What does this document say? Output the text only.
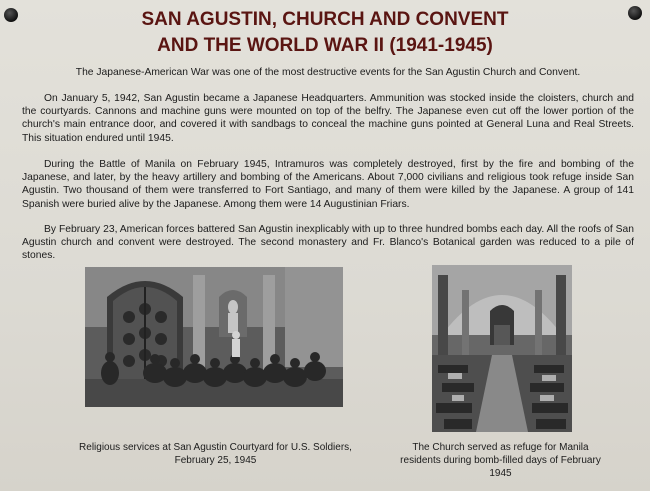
SAN AGUSTIN, CHURCH AND CONVENT
AND THE WORLD WAR II (1941-1945)

The Japanese-American War was one of the most destructive events for the San Agustin Church and Convent.

On January 5, 1942, San Agustin became a Japanese Headquarters. Ammunition was stocked inside the cloisters, church and the courtyards. Cannons and machine guns were mounted on top of the belfry. The Japanese even cut off the lower portion of the church's main entrance door, and covered it with sandbags to conceal the machine guns pointed at General Luna and Real Streets. This situation endured until 1945.

During the Battle of Manila on February 1945, Intramuros was completely destroyed, first by the fire and bombing of the Japanese, and later, by the heavy artillery and bombing of the Americans. About 7,000 civilians and religious took refuge inside San Agustin. Two thousand of them were transferred to Fort Santiago, and many of them were killed by the Japanese. A group of 141 Spanish were buried alive by the Japanese. Among them were 14 Augustinian Friars.

By February 23, American forces battered San Agustin inexplicably with up to three hundred bombs each day. All the roofs of San Agustin church and convent were destroyed. The second monastery and Fr. Blanco's Botanical garden was reduced to a pile of stones.

Religious services at San Agustin Courtyard for U.S. Soldiers, February 25, 1945

The Church served as refuge for Manila residents during bomb-filled days of February 1945
